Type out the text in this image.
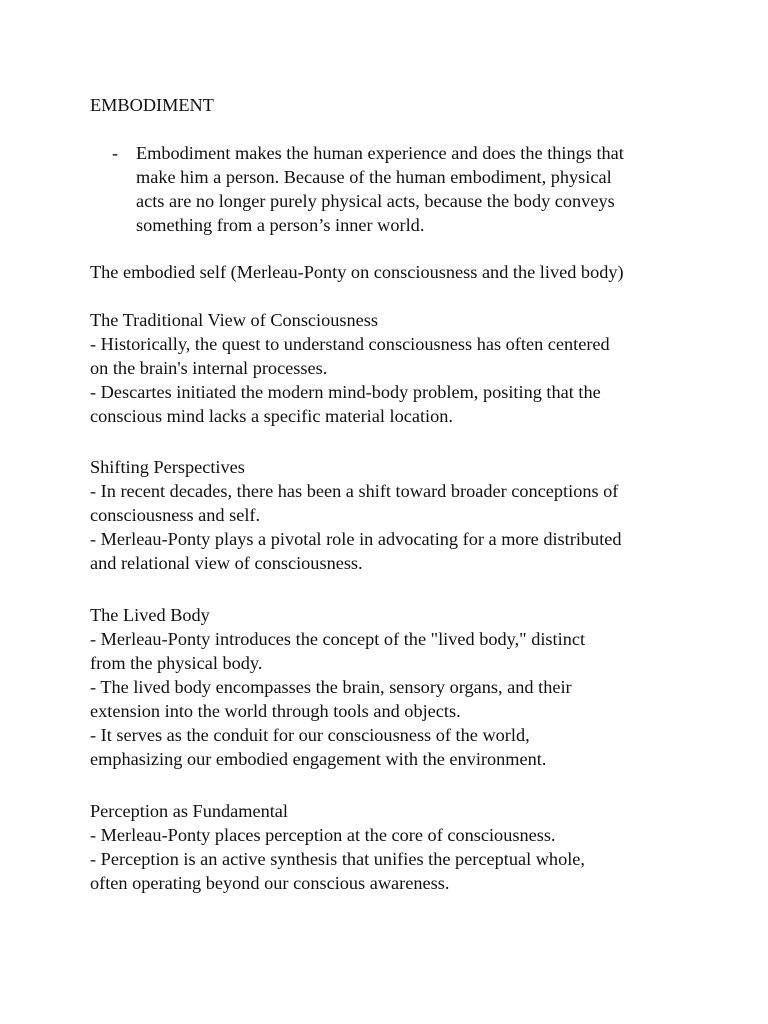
EMBODIMENT
- Embodiment makes the human experience and does the things that
make him a person. Because of the human embodiment, physical
acts are no longer purely physical acts, because the body conveys
something from a person’s inner world.
The embodied self (Merleau-Ponty on consciousness and the lived body)
The Traditional View of Consciousness
- Historically, the quest to understand consciousness has often centered
on the brain's internal processes.
- Descartes initiated the modern mind-body problem, positing that the
conscious mind lacks a specific material location.
Shifting Perspectives
- In recent decades, there has been a shift toward broader conceptions of
consciousness and self.
- Merleau-Ponty plays a pivotal role in advocating for a more distributed
and relational view of consciousness.
The Lived Body
- Merleau-Ponty introduces the concept of the "lived body," distinct
from the physical body.
- The lived body encompasses the brain, sensory organs, and their
extension into the world through tools and objects.
- It serves as the conduit for our consciousness of the world,
emphasizing our embodied engagement with the environment.
Perception as Fundamental
- Merleau-Ponty places perception at the core of consciousness.
- Perception is an active synthesis that unifies the perceptual whole,
often operating beyond our conscious awareness.
